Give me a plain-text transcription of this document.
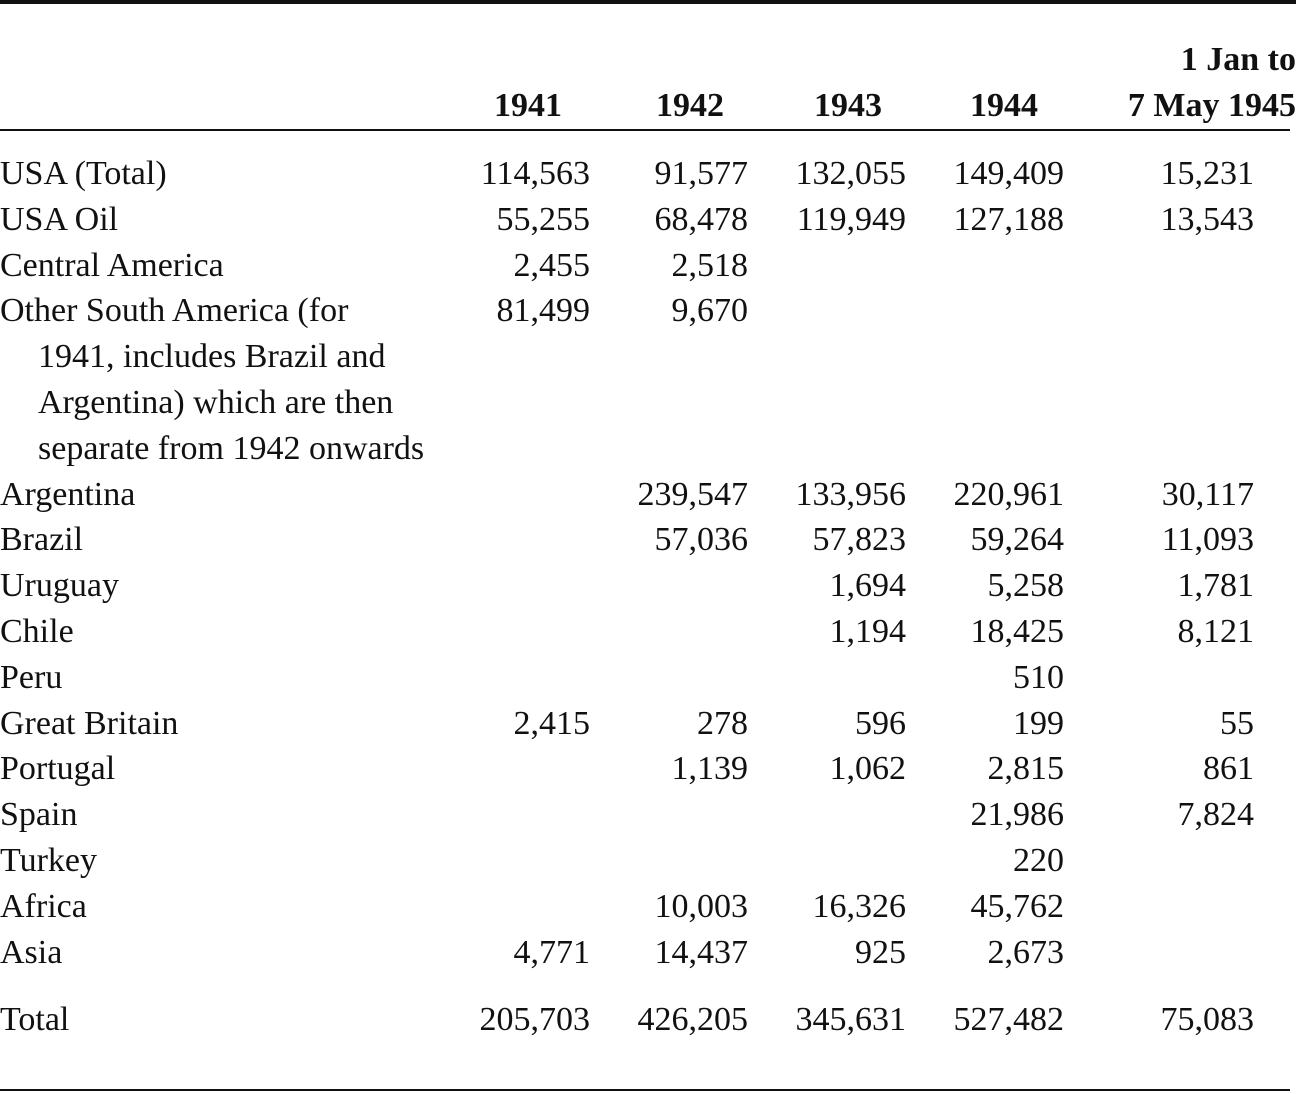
	1941	1942	1943	1944	1 Jan to
7 May 1945
USA (Total)	114,563	91,577	132,055	149,409	15,231
USA Oil	55,255	68,478	119,949	127,188	13,543
Central America	2,455	2,518			
Other South America (for 1941, includes Brazil and Argentina) which are then separate from 1942 onwards	81,499	9,670			
Argentina		239,547	133,956	220,961	30,117
Brazil		57,036	57,823	59,264	11,093
Uruguay			1,694	5,258	1,781
Chile			1,194	18,425	8,121
Peru				510	
Great Britain	2,415	278	596	199	55
Portugal		1,139	1,062	2,815	861
Spain				21,986	7,824
Turkey				220	
Africa		10,003	16,326	45,762	
Asia	4,771	14,437	925	2,673	
Total	205,703	426,205	345,631	527,482	75,083
